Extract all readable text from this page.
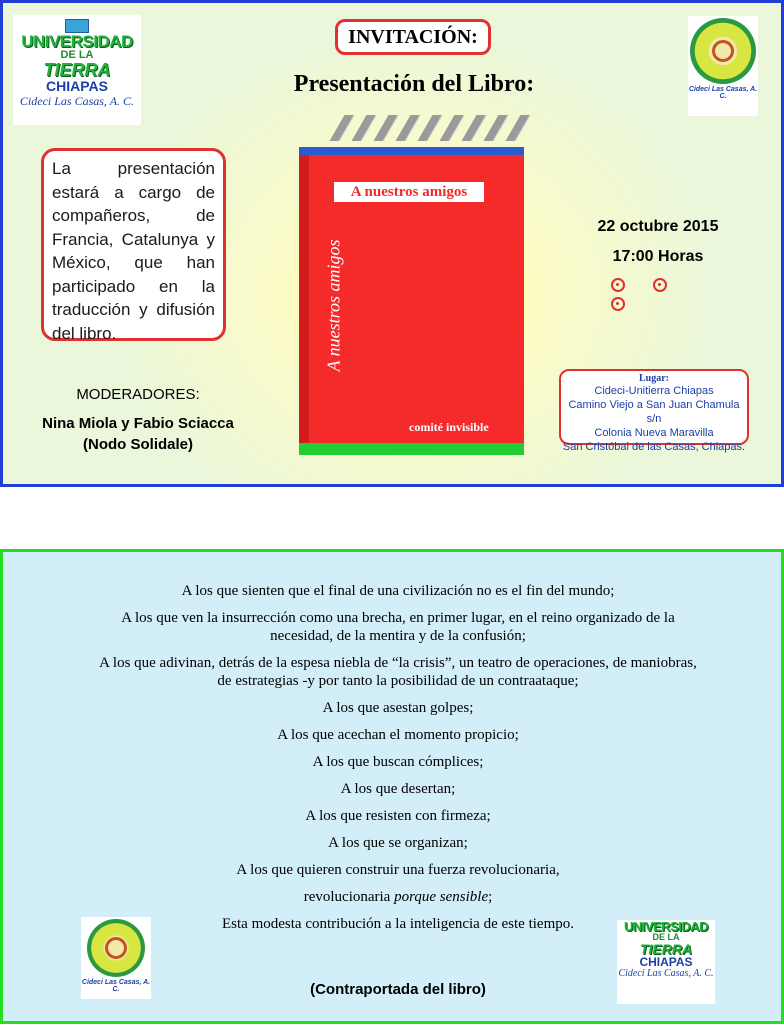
UNIVERSIDAD
DE LA
TIERRA
CHIAPAS
Cideci Las Casas, A. C.
Cideci Las Casas, A. C.
INVITACIÓN:
Presentación del Libro:
La presentación estará a cargo de compañeros, de Francia, Catalunya y México, que han participado en la traducción y difusión del libro.
MODERADORES:
Nina Miola y Fabio Sciacca
(Nodo Solidale)
A nuestros amigos
A nuestros amigos
comité invisible
22 octubre 2015
17:00 Horas
Lugar:
Cideci-Unitierra Chiapas
Camino Viejo a San Juan Chamula s/n
Colonia Nueva Maravilla
San Cristóbal de las Casas, Chiapas.

A los que sienten que el final de una civilización no es el fin del mundo;

A los que ven la insurrección como una brecha, en primer lugar, en el reino organizado de la necesidad, de la mentira y de la confusión;

A los que adivinan, detrás de la espesa niebla de “la crisis”, un teatro de operaciones, de maniobras, de estrategias -y por tanto la posibilidad de un contraataque;

A los que asestan golpes;

A los que acechan el momento propicio;

A los que buscan cómplices;

A los que desertan;

A los que resisten con firmeza;

A los que se organizan;

A los que quieren construir una fuerza revolucionaria,

revolucionaria porque sensible;

Esta modesta contribución a la inteligencia de este tiempo.

Cideci Las Casas, A. C.
UNIVERSIDAD
DE LA
TIERRA
CHIAPAS
Cideci Las Casas, A. C.
(Contraportada del libro)
